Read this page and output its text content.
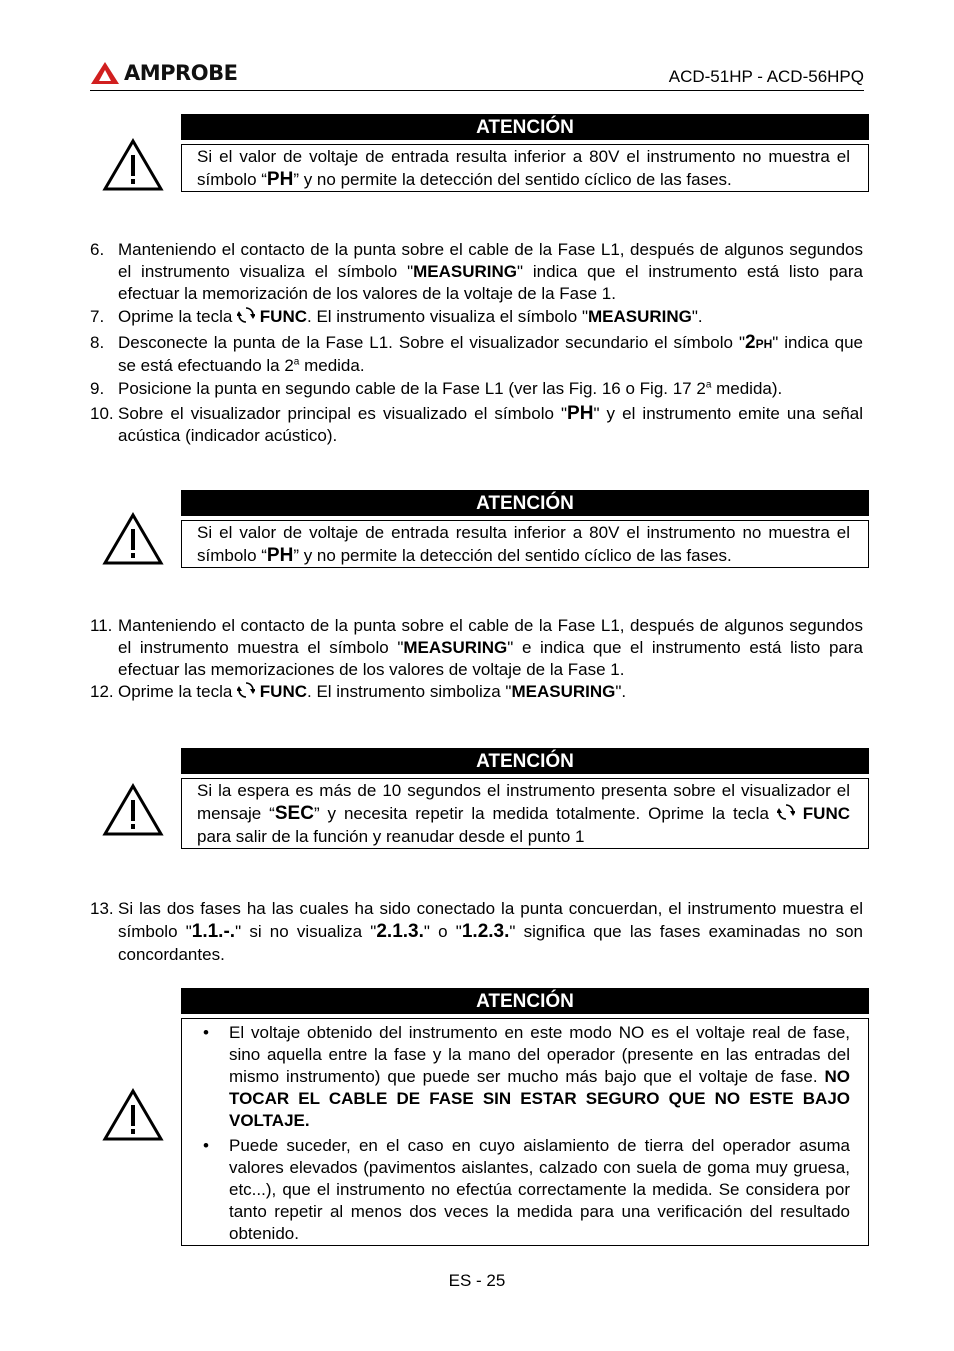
AMPROBE	ACD-51HP - ACD-56HPQ
ATENCIÓN
Si el valor de voltaje de entrada resulta inferior a 80V el instrumento no muestra el símbolo “PH” y no permite la detección del sentido cíclico de las fases.
6. Manteniendo el contacto de la punta sobre el cable de la Fase L1, después de algunos segundos el instrumento visualiza el símbolo "MEASURING" indica que el instrumento está listo para efectuar la memorización de los valores de la voltaje de la Fase 1.
7. Oprime la tecla  FUNC. El instrumento visualiza el símbolo "MEASURING".
8. Desconecte la punta de la Fase L1. Sobre el visualizador secundario el símbolo "2PH" indica que se está efectuando la 2$^a$ medida.
9. Posicione la punta en segundo cable de la Fase L1 (ver las Fig. 16 o Fig. 17 2$^a$ medida).
10. Sobre el visualizador principal es visualizado el símbolo "PH" y el instrumento emite una señal acústica (indicador acústico).
ATENCIÓN
Si el valor de voltaje de entrada resulta inferior a 80V el instrumento no muestra el símbolo “PH” y no permite la detección del sentido cíclico de las fases.
11. Manteniendo el contacto de la punta sobre el cable de la Fase L1, después de algunos segundos el instrumento muestra el símbolo "MEASURING" e indica que el instrumento está listo para efectuar las memorizaciones de los valores de voltaje de la Fase 1.
12. Oprime la tecla  FUNC. El instrumento simboliza "MEASURING".
ATENCIÓN
Si la espera es más de 10 segundos el instrumento presenta sobre el visualizador el mensaje “SEC” y necesita repetir la medida totalmente. Oprime la tecla  FUNC para salir de la función y reanudar desde el punto 1
13. Si las dos fases ha las cuales ha sido conectado la punta concuerdan, el instrumento muestra el símbolo "1.1.-." si no visualiza "2.1.3." o "1.2.3." significa que las fases examinadas no son concordantes.
ATENCIÓN
• El voltaje obtenido del instrumento en este modo NO es el voltaje real de fase, sino aquella entre la fase y la mano del operador (presente en las entradas del mismo instrumento) que puede ser mucho más bajo que el voltaje de fase. NO TOCAR EL CABLE DE FASE SIN ESTAR SEGURO QUE NO ESTE BAJO VOLTAJE.
• Puede suceder, en el caso en cuyo aislamiento de tierra del operador asuma valores elevados (pavimentos aislantes, calzado con suela de goma muy gruesa, etc...), que el instrumento no efectúa correctamente la medida. Se considera por tanto repetir al menos dos veces la medida para una verificación del resultado obtenido.
ES - 25
